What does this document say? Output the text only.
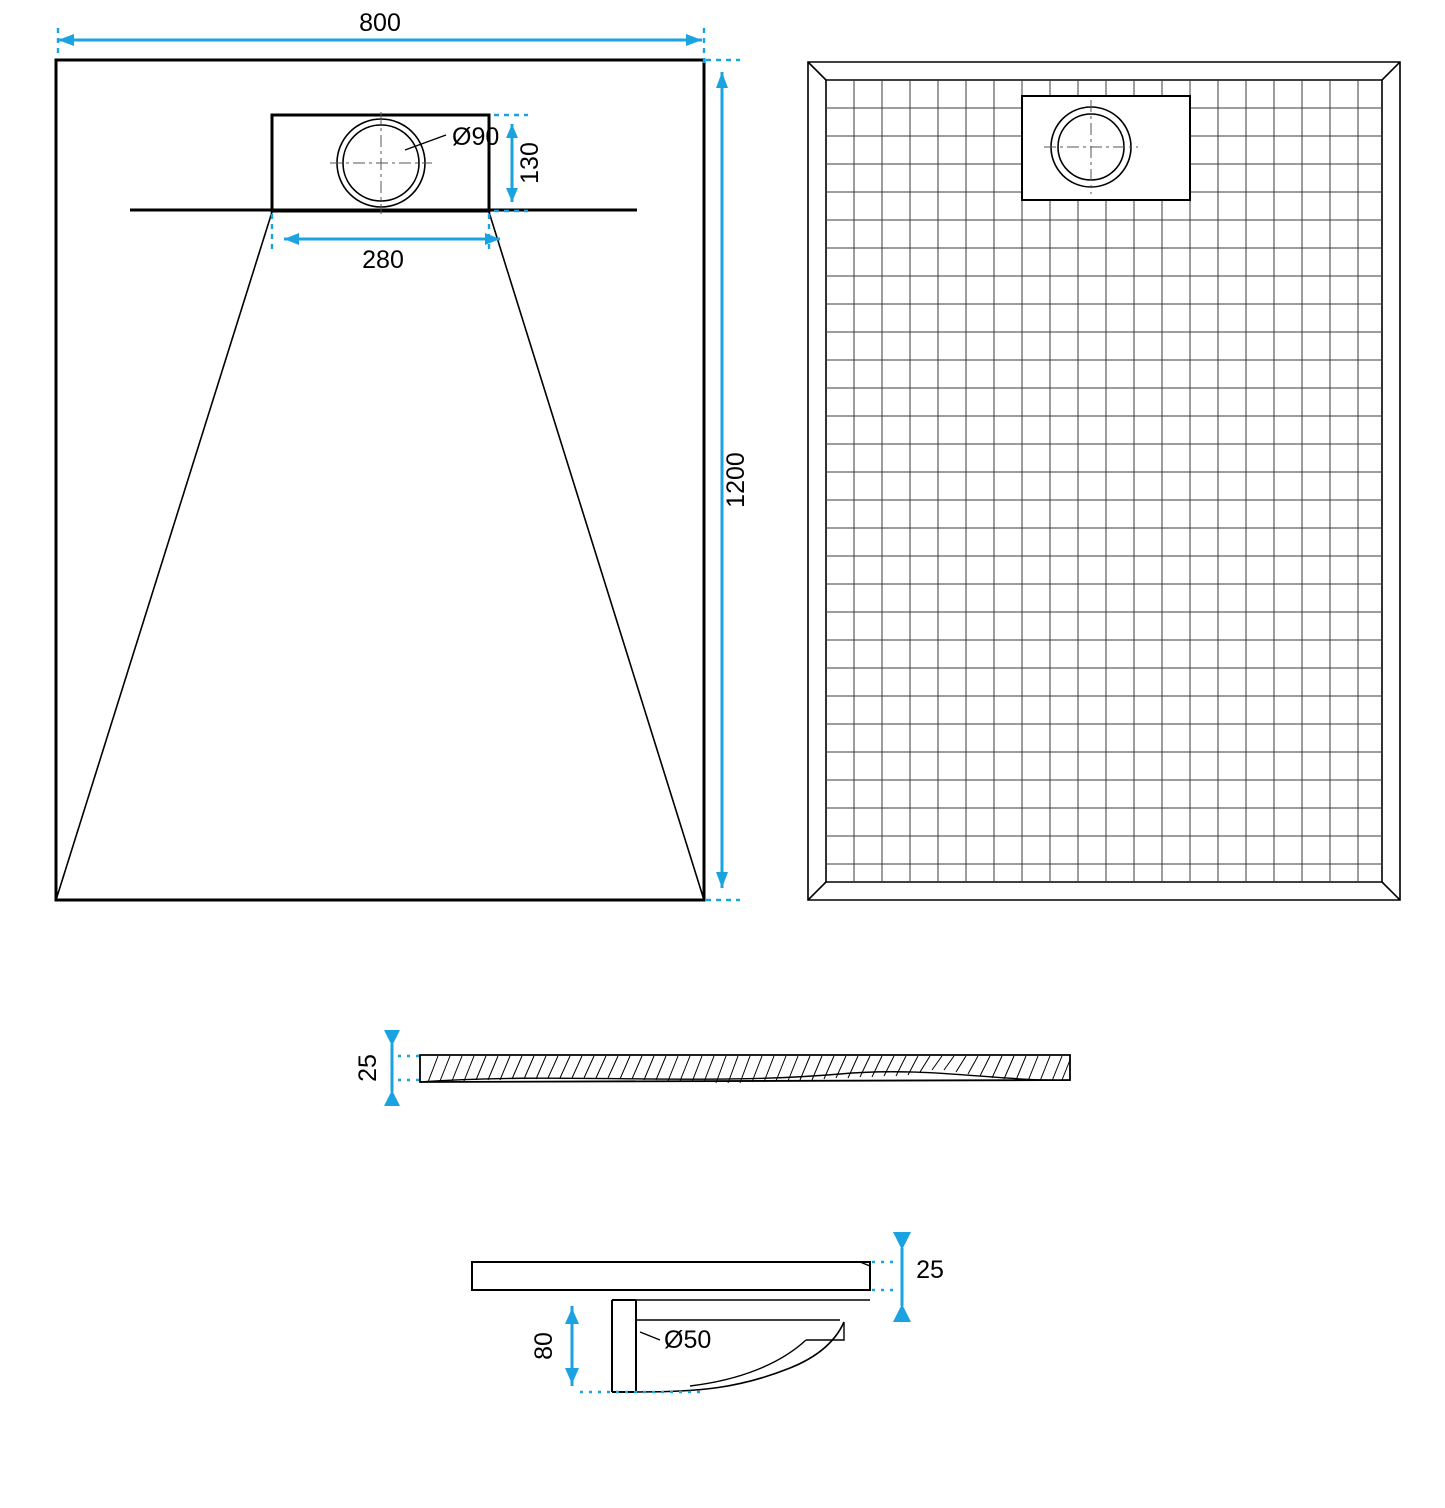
800
1200
130
280
Ø90
25
Ø50
80
25
